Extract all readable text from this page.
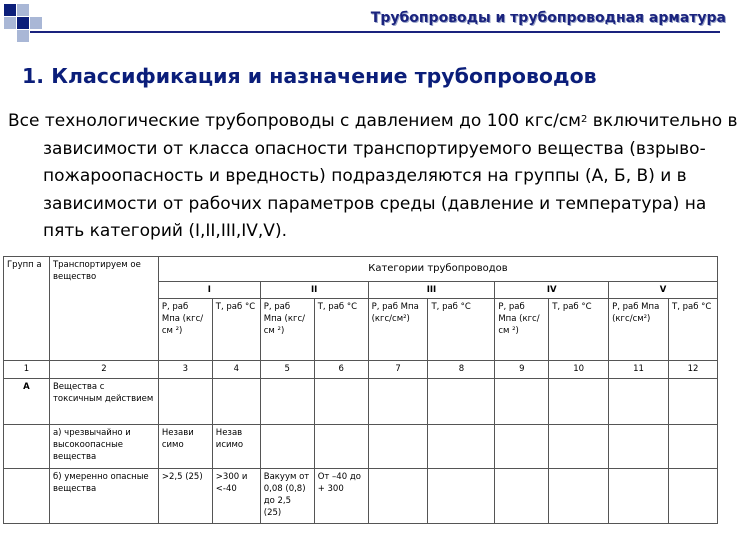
Трубопроводы и трубопроводная арматура
1. Классификация и назначение трубопроводов
Все технологические трубопроводы с давлением до 100 кгс/$см^2$ включительно в зависимости от класса опасности транспортируемого вещества (взрыво- пожароопасность и вредность) подразделяются на группы (А, Б, В) и в зависимости от рабочих параметров среды (давление и температура) на пять категорий (I,II,III,IV,V).
Групп а	Транспортируем ое вещество	Категории трубопроводов									
		I		II		III		IV		V	
		Р, раб Мпа (кгс/см ²)	Т, раб °С	Р, раб Мпа (кгс/см ²)	Т, раб °С	Р, раб Мпа (кгс/см²)	Т, раб °С	Р, раб Мпа (кгс/см ²)	Т, раб °С	Р, раб Мпа (кгс/см²)	Т, раб °С
1	2	3	4	5	6	7	8	9	10	11	12
А	Вещества с токсичным действием										
	а) чрезвычайно и высокоопасные вещества	Незави симо	Незав исимо								
	б) умеренно опасные вещества	>2,5 (25)	>300 и <-40	Вакуум от 0,08 (0,8) до 2,5 (25)	От –40 до + 300						
